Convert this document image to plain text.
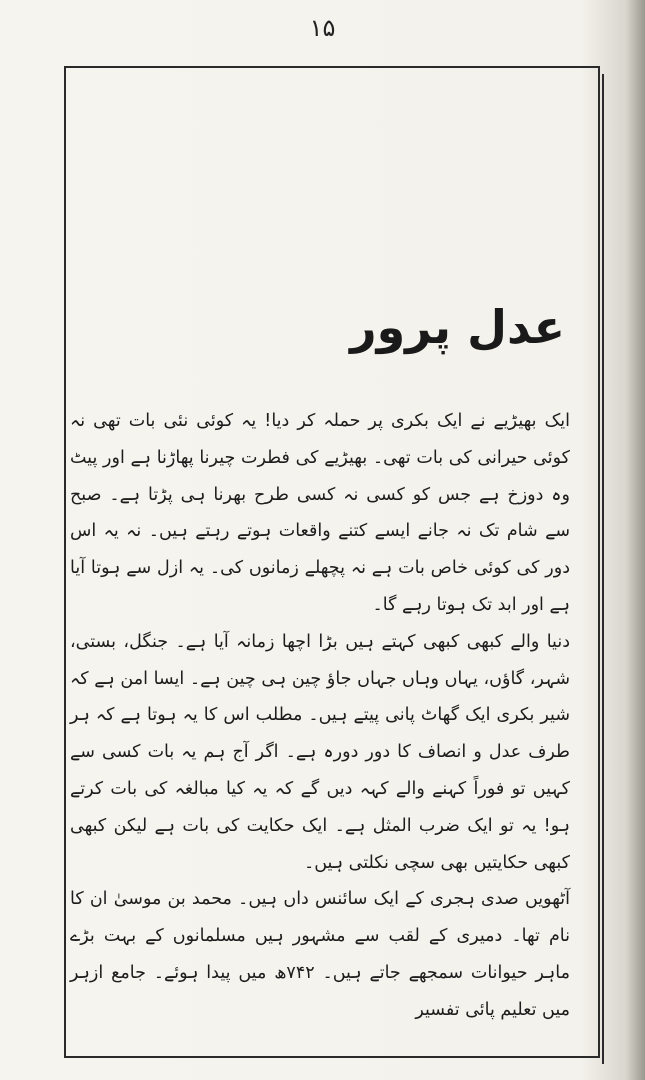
۱۵
عدل پرور

ایک بھیڑیے نے ایک بکری پر حملہ کر دیا! یہ کوئی نئی بات تھی نہ کوئی حیرانی کی بات تھی۔ بھیڑیے کی فطرت چیرنا پھاڑنا ہے اور پیٹ وہ دوزخ ہے جس کو کسی نہ کسی طرح بھرنا ہی پڑتا ہے۔ صبح سے شام تک نہ جانے ایسے کتنے واقعات ہوتے رہتے ہیں۔ نہ یہ اس دور کی کوئی خاص بات ہے نہ پچھلے زمانوں کی۔ یہ ازل سے ہوتا آیا ہے اور ابد تک ہوتا رہے گا۔

دنیا والے کبھی کبھی کہتے ہیں بڑا اچھا زمانہ آیا ہے۔ جنگل، بستی، شہر، گاؤں، یہاں وہاں جہاں جاؤ چین ہی چین ہے۔ ایسا امن ہے کہ شیر بکری ایک گھاٹ پانی پیتے ہیں۔ مطلب اس کا یہ ہوتا ہے کہ ہر طرف عدل و انصاف کا دور دورہ ہے۔ اگر آج ہم یہ بات کسی سے کہیں تو فوراً کہنے والے کہہ دیں گے کہ یہ کیا مبالغہ کی بات کرتے ہو! یہ تو ایک ضرب المثل ہے۔ ایک حکایت کی بات ہے لیکن کبھی کبھی حکایتیں بھی سچی نکلتی ہیں۔

آٹھویں صدی ہجری کے ایک سائنس داں ہیں۔ محمد بن موسیٰ ان کا نام تھا۔ دمیری کے لقب سے مشہور ہیں مسلمانوں کے بہت بڑے ماہر حیوانات سمجھے جاتے ہیں۔ ۷۴۲ھ میں پیدا ہوئے۔ جامع ازہر میں تعلیم پائی تفسیر
